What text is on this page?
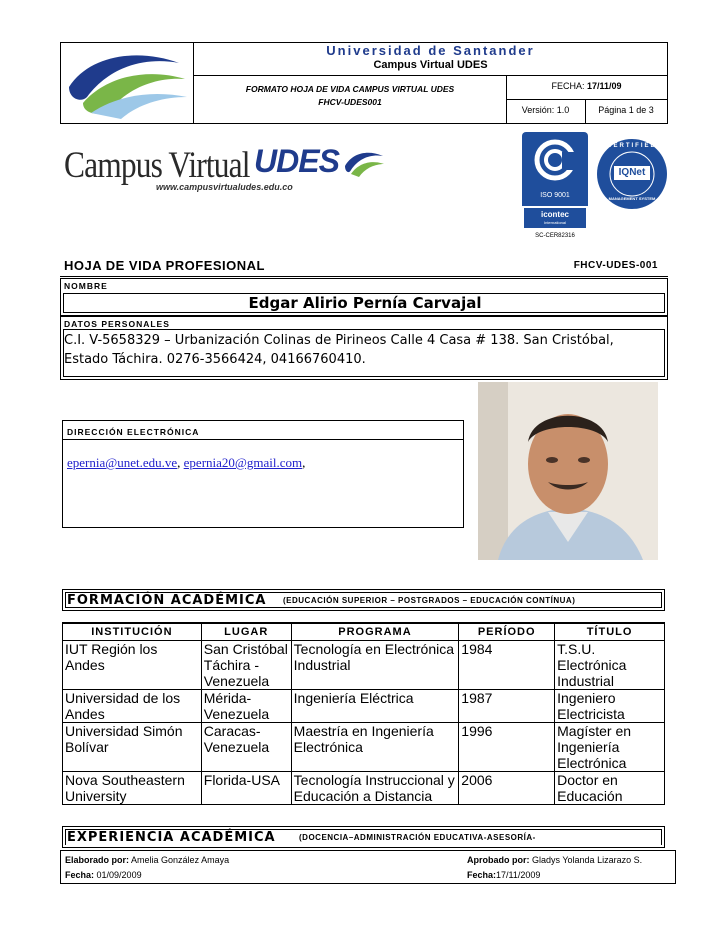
Universidad de Santander
Campus Virtual UDES
FORMATO HOJA DE VIDA CAMPUS VIRTUAL UDES
FHCV-UDES001
FECHA: 17/11/09
Versión: 1.0	Página 1 de 3
Campus Virtual UDES
www.campusvirtualudes.edu.co
ISO 9001
icontec
International
SC-CER82316
CERTIFIED
IQNet
MANAGEMENT SYSTEM
HOJA DE VIDA PROFESIONAL	FHCV-UDES-001
NOMBRE
Edgar Alirio Pernía Carvajal
DATOS PERSONALES
C.I. V-5658329 – Urbanización Colinas de Pirineos Calle 4 Casa # 138. San Cristóbal, Estado Táchira. 0276-3566424, 04166760410.
DIRECCIÓN ELECTRÓNICA
epernia@unet.edu.ve, epernia20@gmail.com,
FORMACIÓN ACADÉMICA (EDUCACIÓN SUPERIOR – POSTGRADOS – EDUCACIÓN CONTÍNUA)
INSTITUCIÓN	LUGAR	PROGRAMA	PERÍODO	TÍTULO
IUT Región los Andes	San Cristóbal Táchira - Venezuela	Tecnología en Electrónica Industrial	1984	T.S.U. Electrónica Industrial
Universidad de los Andes	Mérida-Venezuela	Ingeniería Eléctrica	1987	Ingeniero Electricista
Universidad Simón Bolívar	Caracas-Venezuela	Maestría en Ingeniería Electrónica	1996	Magíster en Ingeniería Electrónica
Nova Southeastern University	Florida-USA	Tecnología Instruccional y Educación a Distancia	2006	Doctor en Educación
EXPERIENCIA ACADÉMICA	(DOCENCIA–ADMINISTRACIÓN EDUCATIVA-ASESORÍA-
Elaborado por: Amelia González Amaya
Fecha: 01/09/2009
Aprobado por: Gladys Yolanda Lizarazo S.
Fecha:17/11/2009
